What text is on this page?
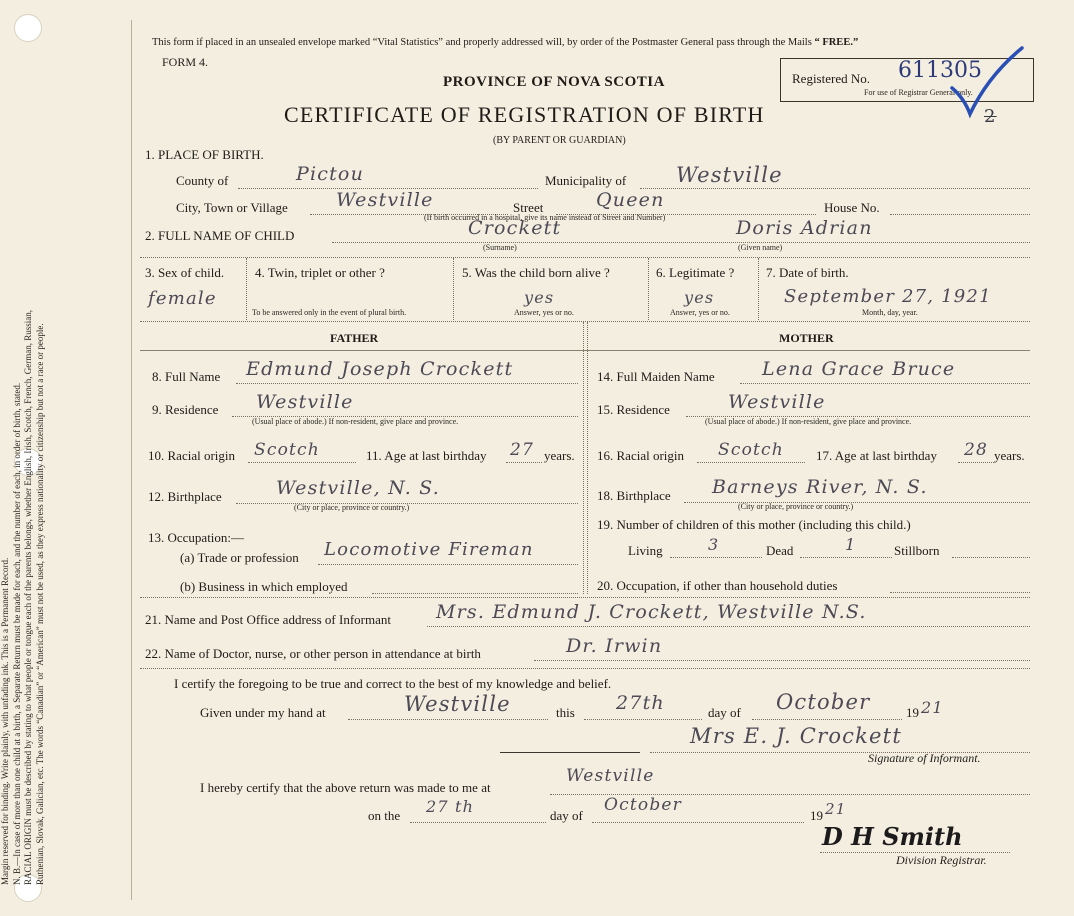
Margin reserved for binding. Write plainly, with unfading ink. This is a Permanent Record. N. B.—In case of more than one child at a birth, a Separate Return must be made for each, and the number of each, in order of birth, stated. RACIAL ORIGIN must be described by stating to what people or tongue each of the parents belongs, whether English, Irish, Scotch, French, German, Russian, Ruthenian, Slovak, Galician, etc. The words “Canadian” or “American” must not be used, as they express nationality or citizenship but not a race or people.
This form if placed in an unsealed envelope marked “Vital Statistics” and properly addressed will, by order of the Postmaster General pass through the Mails “ FREE.”
FORM 4.
Registered No. 611305
For use of Registrar General only.
2
PROVINCE OF NOVA SCOTIA
CERTIFICATE OF REGISTRATION OF BIRTH
(BY PARENT OR GUARDIAN)
1. PLACE OF BIRTH.
County of	Pictou	Municipality of Westville
City, Town or Village	Westville	Street	Queen	House No.
(If birth occurred in a hospital, give its name instead of Street and Number)
2. FULL NAME OF CHILD	Crockett
(Surname)
Doris Adrian
(Given name)
3. Sex of child.
female
4. Twin, triplet or other ?
To be answered only in the event of plural birth.
5. Was the child born alive ?
yes
Answer, yes or no.
6. Legitimate ?
yes
Answer, yes or no.
7. Date of birth.
September 27, 1921
Month, day, year.
FATHER	MOTHER
8. Full Name Edmund Joseph Crockett
9. Residence Westville
(Usual place of abode.) If non-resident, give place and province.
10. Racial origin Scotch	11. Age at last birthday 27 years.
12. Birthplace	Westville, N. S.
(City or place, province or country.)
13. Occupation:—
(a) Trade or profession Locomotive Fireman
(b) Business in which employed
14. Full Maiden Name Lena Grace Bruce
15. Residence	Westville
(Usual place of abode.) If non-resident, give place and province.
16. Racial origin Scotch 17. Age at last birthday 28 years.
18. Birthplace Barneys River, N. S.
(City or place, province or country.)
19. Number of children of this mother (including this child.)
Living	3	Dead	1	Stillborn
20. Occupation, if other than household duties
21. Name and Post Office address of Informant Mrs. Edmund J. Crockett, Westville N.S.
22. Name of Doctor, nurse, or other person in attendance at birth	Dr. Irwin
I certify the foregoing to be true and correct to the best of my knowledge and belief.
Given under my hand at	Westville	this 27th	day of October	19 21
Mrs E. J. Crockett
Signature of Informant.
I hereby certify that the above return was made to me at
Westville
on the 27 th	day of
October
19 21
D H Smith
Division Registrar.
